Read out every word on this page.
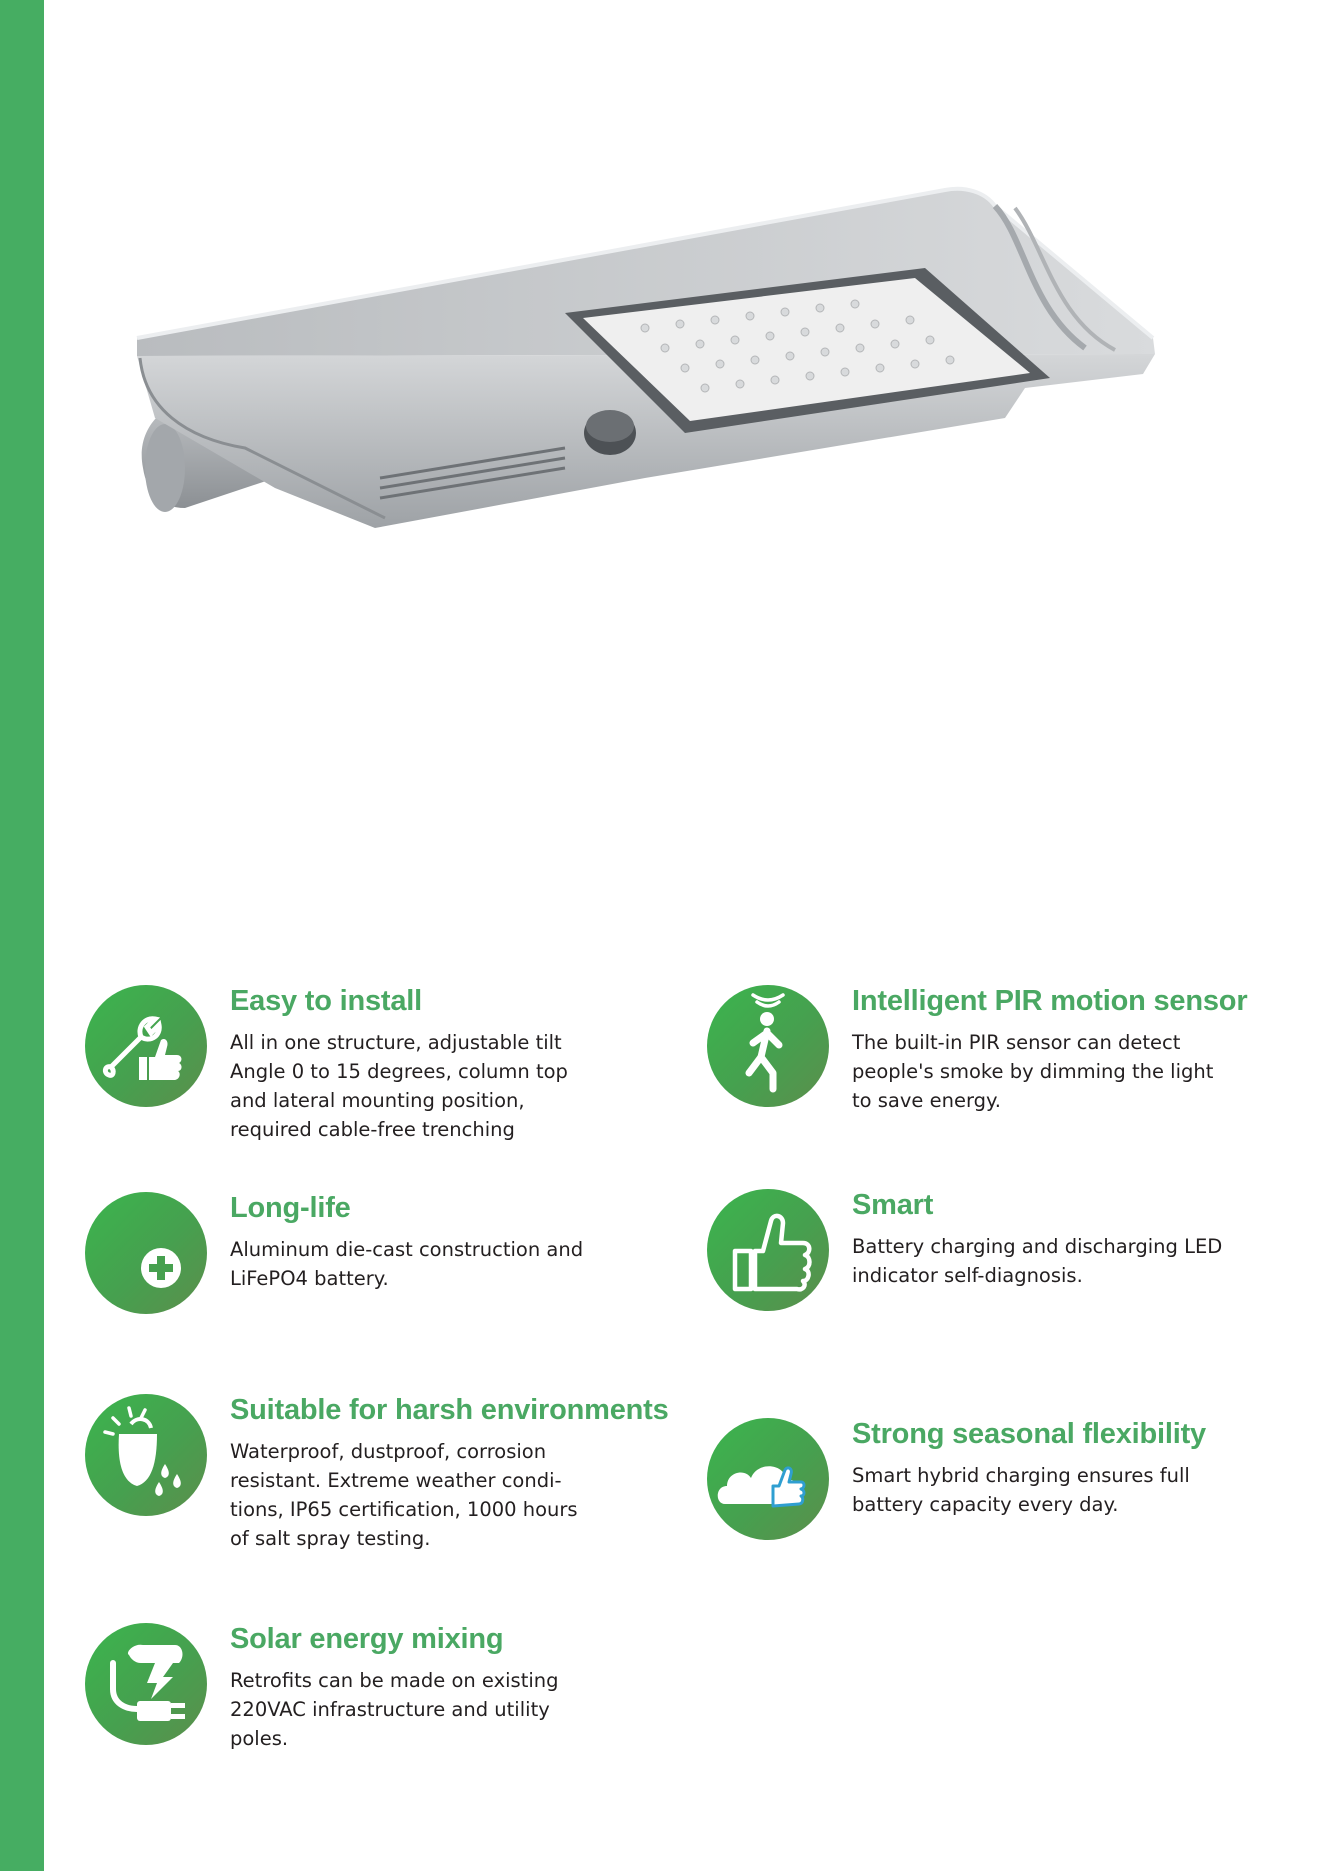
Easy to install
All in one structure, adjustable tilt
Angle 0 to 15 degrees, column top
and lateral mounting position,
required cable-free trenching
Intelligent PIR motion sensor
The built-in PIR sensor can detect
people's smoke by dimming the light
to save energy.
Long-life
Aluminum die-cast construction and
LiFePO4 battery.
Smart
Battery charging and discharging LED
indicator self-diagnosis.
Suitable for harsh environments
Waterproof, dustproof, corrosion
resistant. Extreme weather condi-
tions, IP65 certification, 1000 hours
of salt spray testing.
Strong seasonal flexibility
Smart hybrid charging ensures full
battery capacity every day.
Solar energy mixing
Retrofits can be made on existing
220VAC infrastructure and utility
poles.
